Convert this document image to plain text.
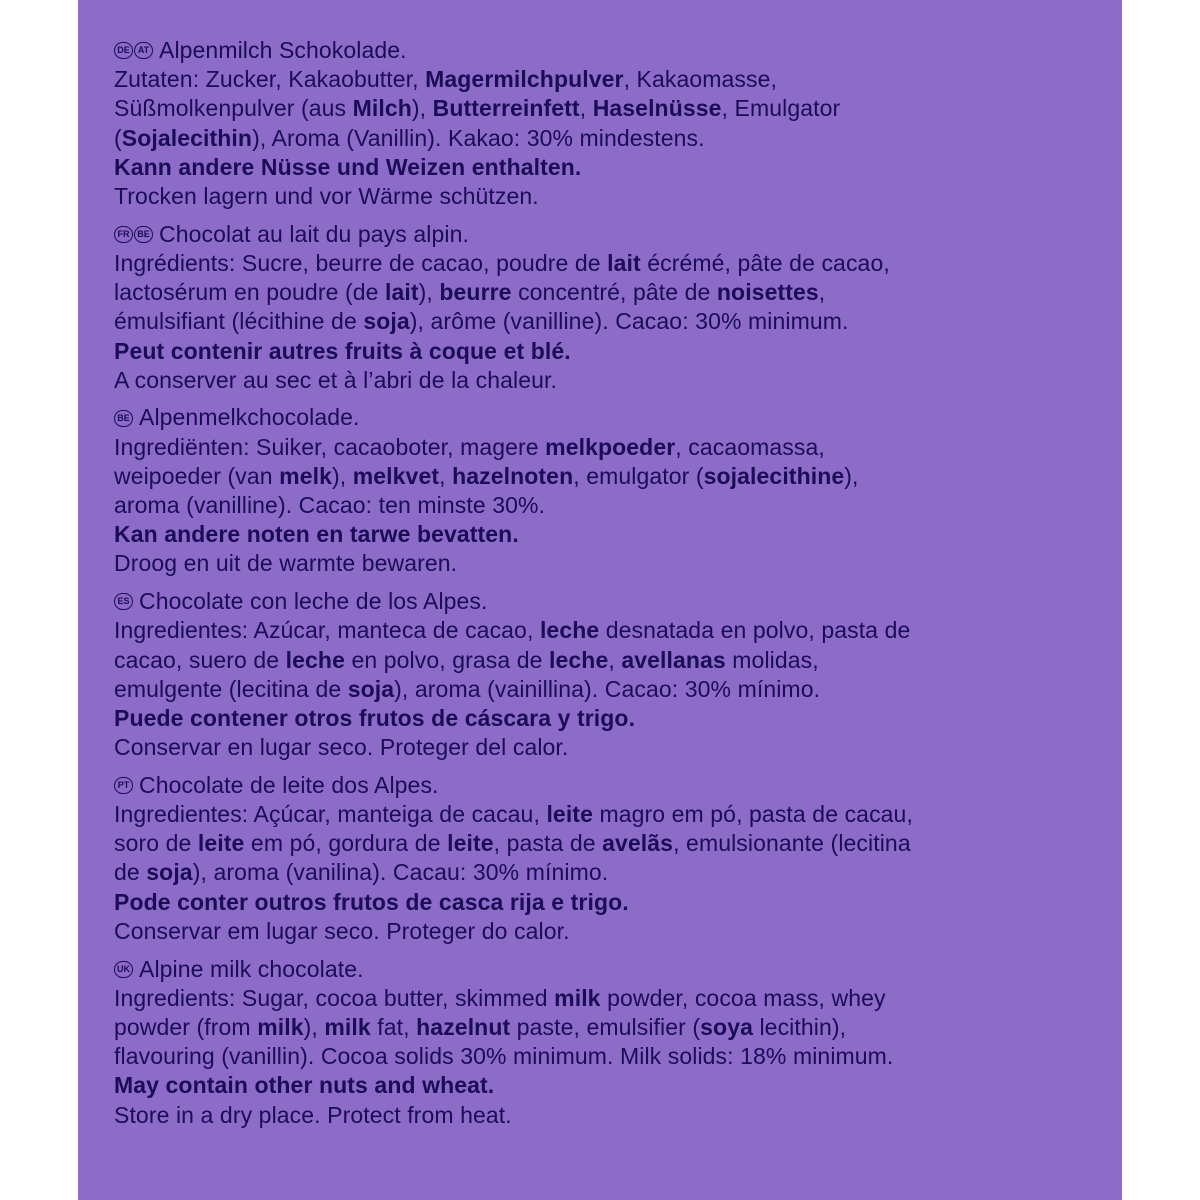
DE AT Alpenmilch Schokolade.
Zutaten: Zucker, Kakaobutter, Magermilchpulver, Kakaomasse,
Süßmolkenpulver (aus Milch), Butterreinfett, Haselnüsse, Emulgator
(Sojalecithin), Aroma (Vanillin). Kakao: 30% mindestens.
Kann andere Nüsse und Weizen enthalten.
Trocken lagern und vor Wärme schützen.
FR BE Chocolat au lait du pays alpin.
Ingrédients: Sucre, beurre de cacao, poudre de lait écrémé, pâte de cacao,
lactosérum en poudre (de lait), beurre concentré, pâte de noisettes,
émulsifiant (lécithine de soja), arôme (vanilline). Cacao: 30% minimum.
Peut contenir autres fruits à coque et blé.
A conserver au sec et à l’abri de la chaleur.
BE Alpenmelkchocolade.
Ingrediënten: Suiker, cacaoboter, magere melkpoeder, cacaomassa,
weipoeder (van melk), melkvet, hazelnoten, emulgator (sojalecithine),
aroma (vanilline). Cacao: ten minste 30%.
Kan andere noten en tarwe bevatten.
Droog en uit de warmte bewaren.
ES Chocolate con leche de los Alpes.
Ingredientes: Azúcar, manteca de cacao, leche desnatada en polvo, pasta de
cacao, suero de leche en polvo, grasa de leche, avellanas molidas,
emulgente (lecitina de soja), aroma (vainillina). Cacao: 30% mínimo.
Puede contener otros frutos de cáscara y trigo.
Conservar en lugar seco. Proteger del calor.
PT Chocolate de leite dos Alpes.
Ingredientes: Açúcar, manteiga de cacau, leite magro em pó, pasta de cacau,
soro de leite em pó, gordura de leite, pasta de avelãs, emulsionante (lecitina
de soja), aroma (vanilina). Cacau: 30% mínimo.
Pode conter outros frutos de casca rija e trigo.
Conservar em lugar seco. Proteger do calor.
UK Alpine milk chocolate.
Ingredients: Sugar, cocoa butter, skimmed milk powder, cocoa mass, whey
powder (from milk), milk fat, hazelnut paste, emulsifier (soya lecithin),
flavouring (vanillin). Cocoa solids 30% minimum. Milk solids: 18% minimum.
May contain other nuts and wheat.
Store in a dry place. Protect from heat.
